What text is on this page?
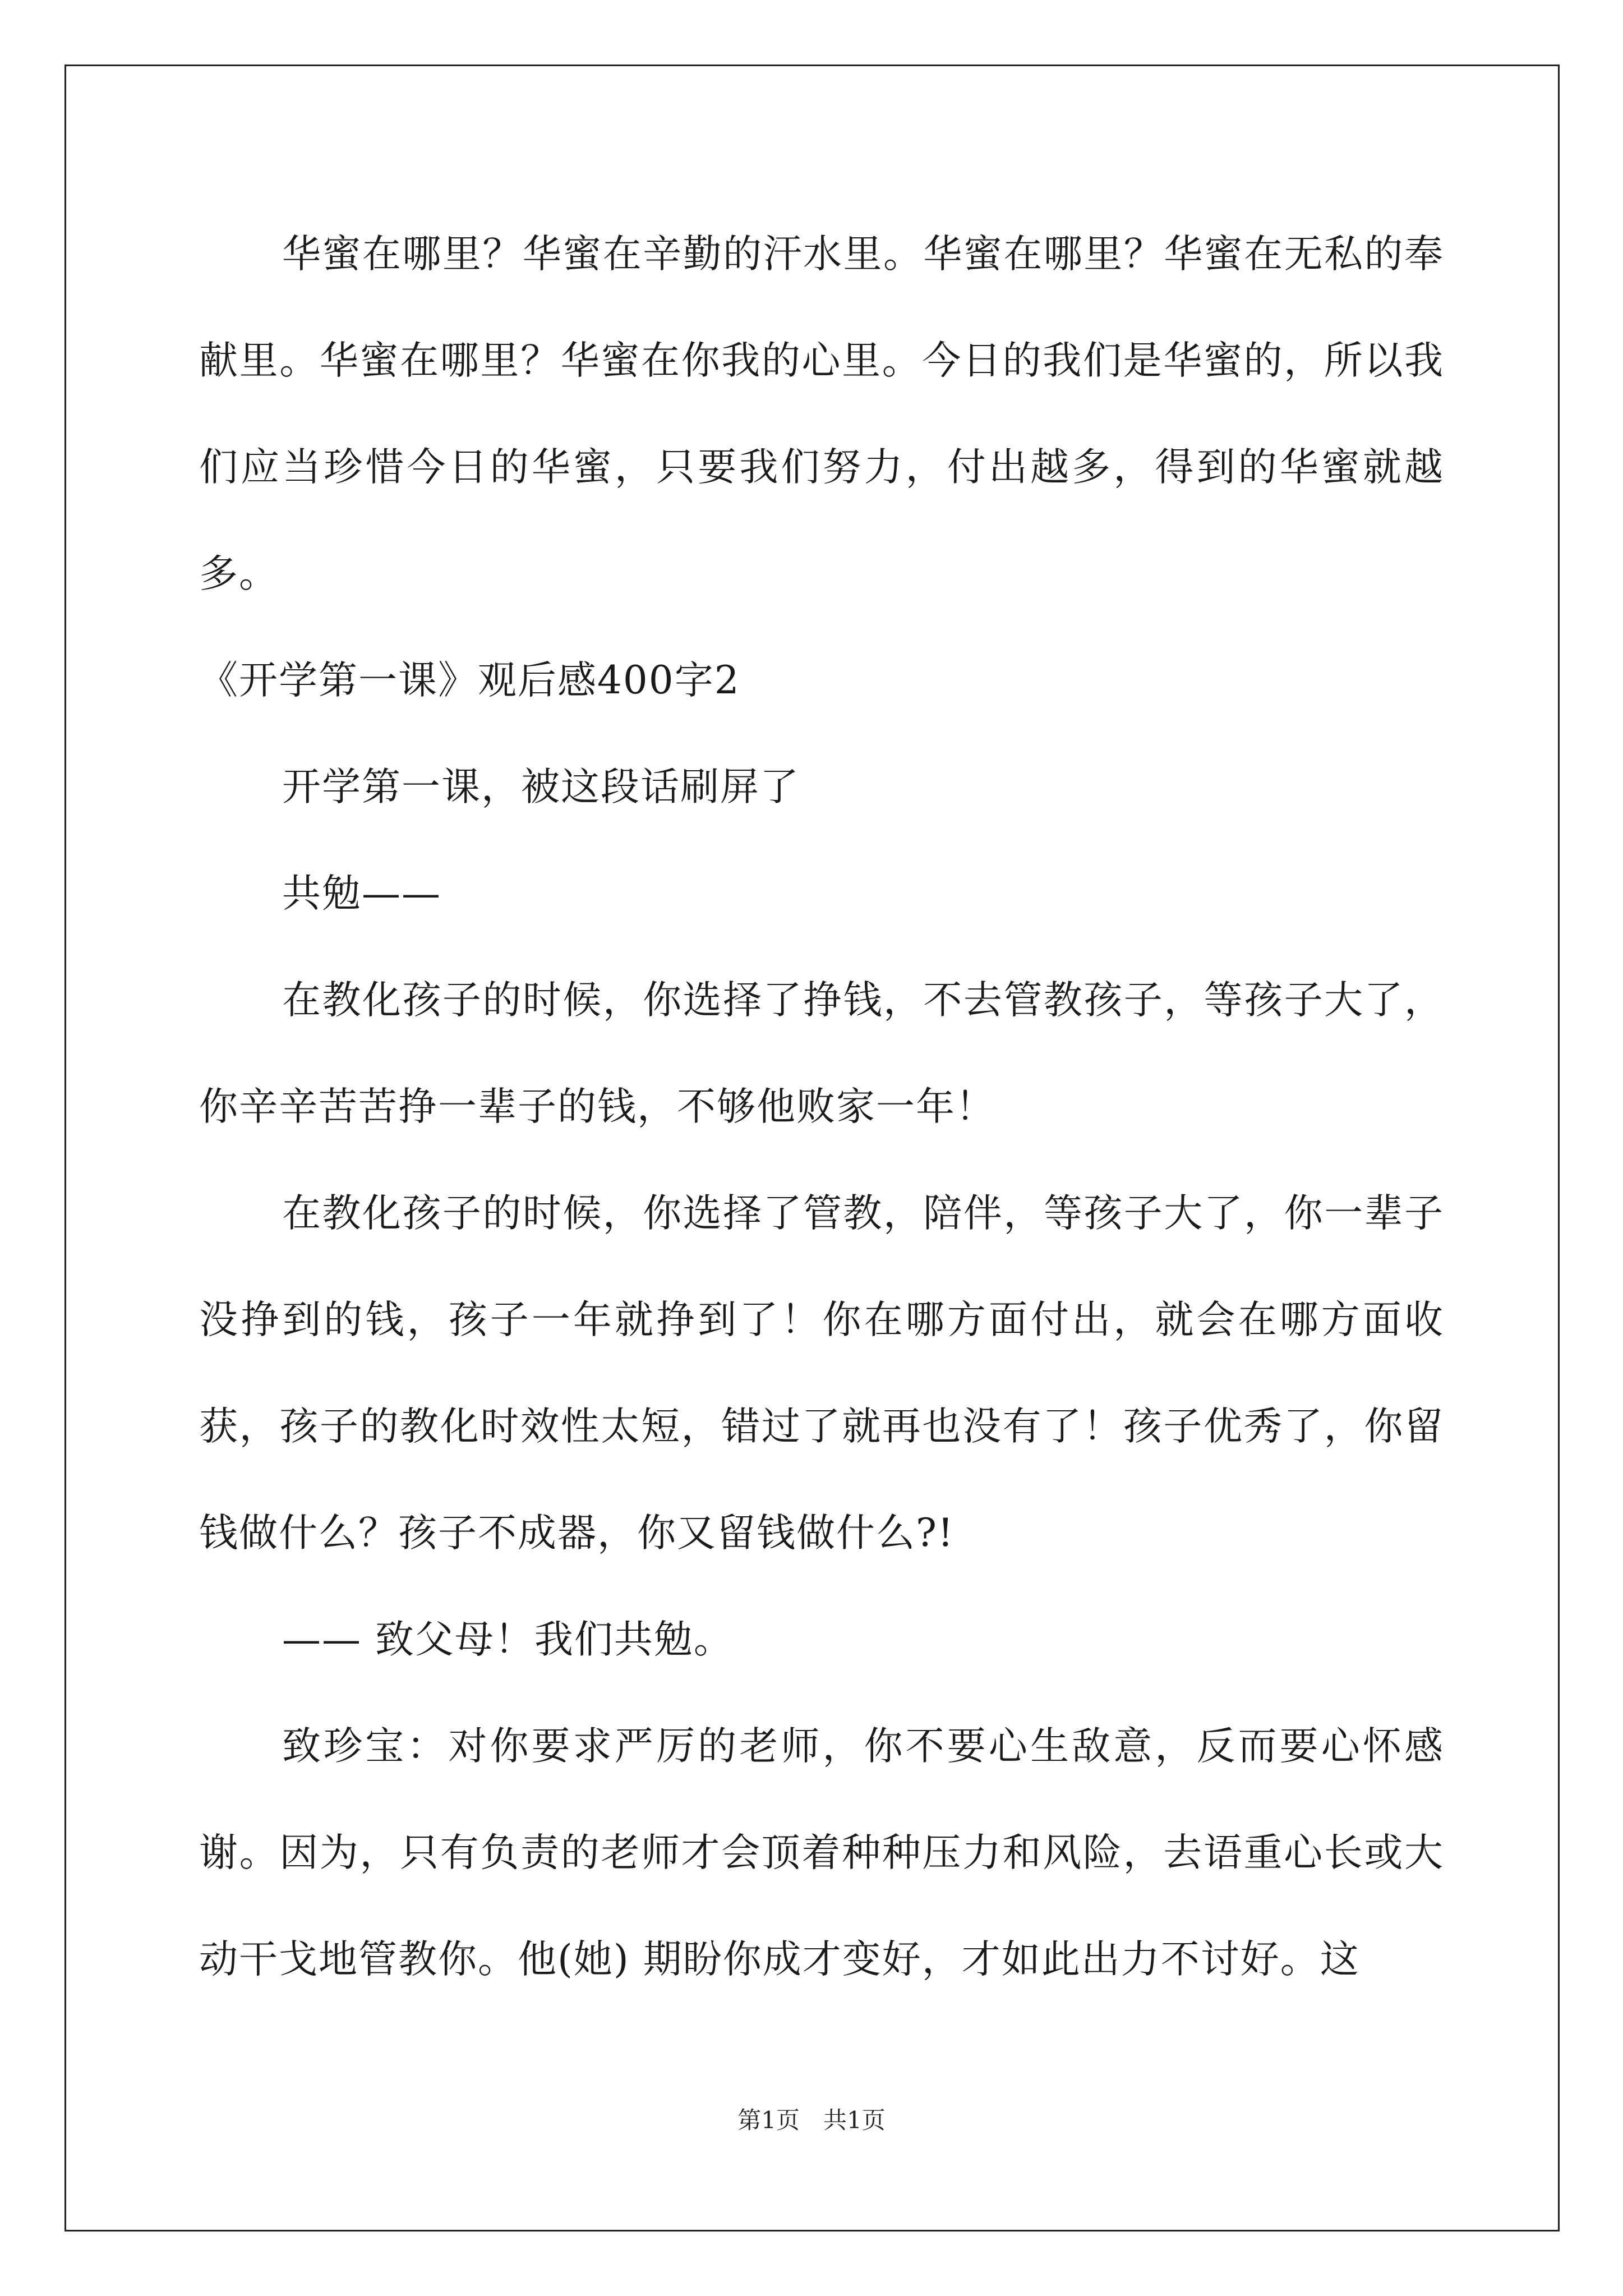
华蜜在哪里？华蜜在辛勤的汗水里。华蜜在哪里？华蜜在无私的奉献里。华蜜在哪里？华蜜在你我的心里。今日的我们是华蜜的，所以我们应当珍惜今日的华蜜，只要我们努力，付出越多，得到的华蜜就越多。

《开学第一课》观后感400字2

开学第一课，被这段话刷屏了

共勉——

在教化孩子的时候，你选择了挣钱，不去管教孩子，等孩子大了，你辛辛苦苦挣一辈子的钱，不够他败家一年！

在教化孩子的时候，你选择了管教，陪伴，等孩子大了，你一辈子没挣到的钱，孩子一年就挣到了！你在哪方面付出，就会在哪方面收获，孩子的教化时效性太短，错过了就再也没有了！孩子优秀了，你留钱做什么？孩子不成器，你又留钱做什么?!

—— 致父母！我们共勉。

致珍宝：对你要求严厉的老师，你不要心生敌意，反而要心怀感谢。因为，只有负责的老师才会顶着种种压力和风险，去语重心长或大动干戈地管教你。他(她) 期盼你成才变好，才如此出力不讨好。这

第1页　共1页
